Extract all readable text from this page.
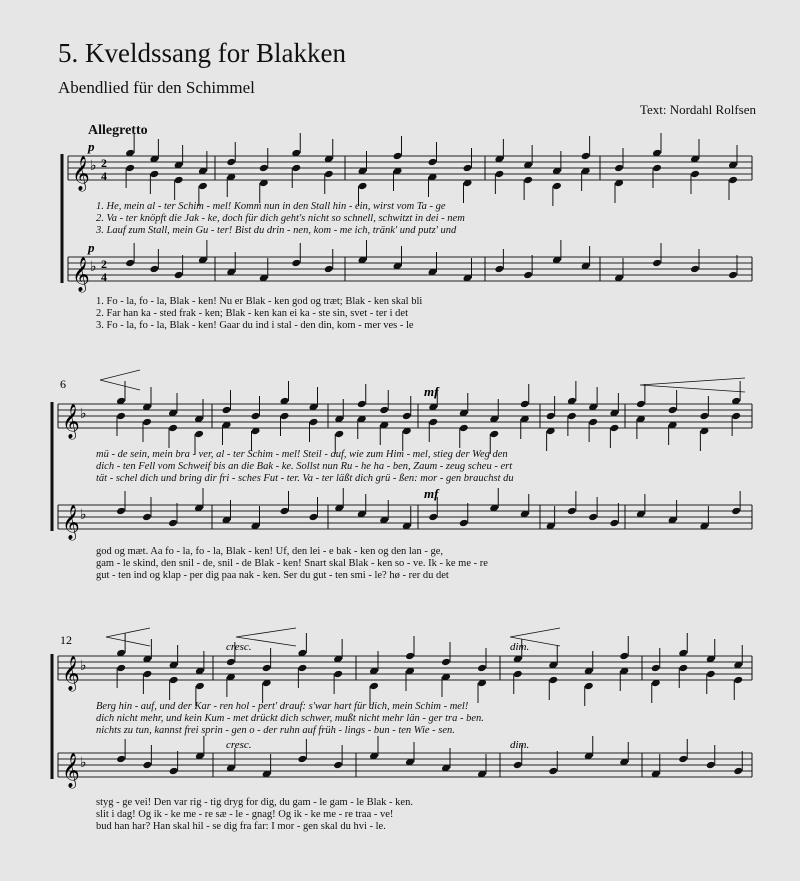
5. Kveldssang for Blakken
Abendlied für den Schimmel
Text: Nordahl Rolfsen
Allegretto
𝄞 ♭ 2
4
𝄞 ♭ 2
4
𝄞 ♭
𝄞 ♭
𝄞 ♭
𝄞 ♭
p
p
mf
mf
cresc.
cresc.
dim.
dim.
6
12
1. He, mein al - ter Schim - mel! Komm nun in den Stall hin - ein, wirst vom Ta - ge
2. Va - ter knöpft die Jak - ke, doch für dich geht's nicht so schnell, schwitzt in dei - nem
3. Lauf zum Stall, mein Gu - ter! Bist du drin - nen, kom - me ich, tränk' und putz' und
1. Fo - la, fo - la, Blak - ken! Nu er Blak - ken god og træt; Blak - ken skal bli
2. Far han ka - sted frak - ken; Blak - ken kan ei ka - ste sin, svet - ter i det
3. Fo - la, fo - la, Blak - ken! Gaar du ind i stal - den din, kom - mer ves - le
mü - de sein, mein bra - ver, al - ter Schim - mel! Steil - auf, wie zum Him - mel, stieg der Weg den
dich - ten Fell vom Schweif bis an die Bak - ke. Sollst nun Ru - he ha - ben, Zaum - zeug scheu - ert
tät - schel dich und bring dir fri - sches Fut - ter. Va - ter läßt dich grü - ßen: mor - gen brauchst du
god og mæt. Aa fo - la, fo - la, Blak - ken! Uf, den lei - e bak - ken og den lan - ge,
gam - le skind, den snil - de, snil - de Blak - ken! Snart skal Blak - ken so - ve. Ik - ke me - re
gut - ten ind og klap - per dig paa nak - ken. Ser du gut - ten smi - le? hø - rer du det
Berg hin - auf, und der Kar - ren hol - pert' drauf: s'war hart für dich, mein Schim - mel!
dich nicht mehr, und kein Kum - met drückt dich schwer, mußt nicht mehr län - ger tra - ben.
nichts zu tun, kannst frei sprin - gen o - der ruhn auf früh - lings - bun - ten Wie - sen.
styg - ge vei! Den var rig - tig dryg for dig, du gam - le gam - le Blak - ken.
slit i dag! Og ik - ke me - re sæ - le - gnag! Og ik - ke me - re traa - ve!
bud han har? Han skal hil - se dig fra far: I mor - gen skal du hvi - le.
